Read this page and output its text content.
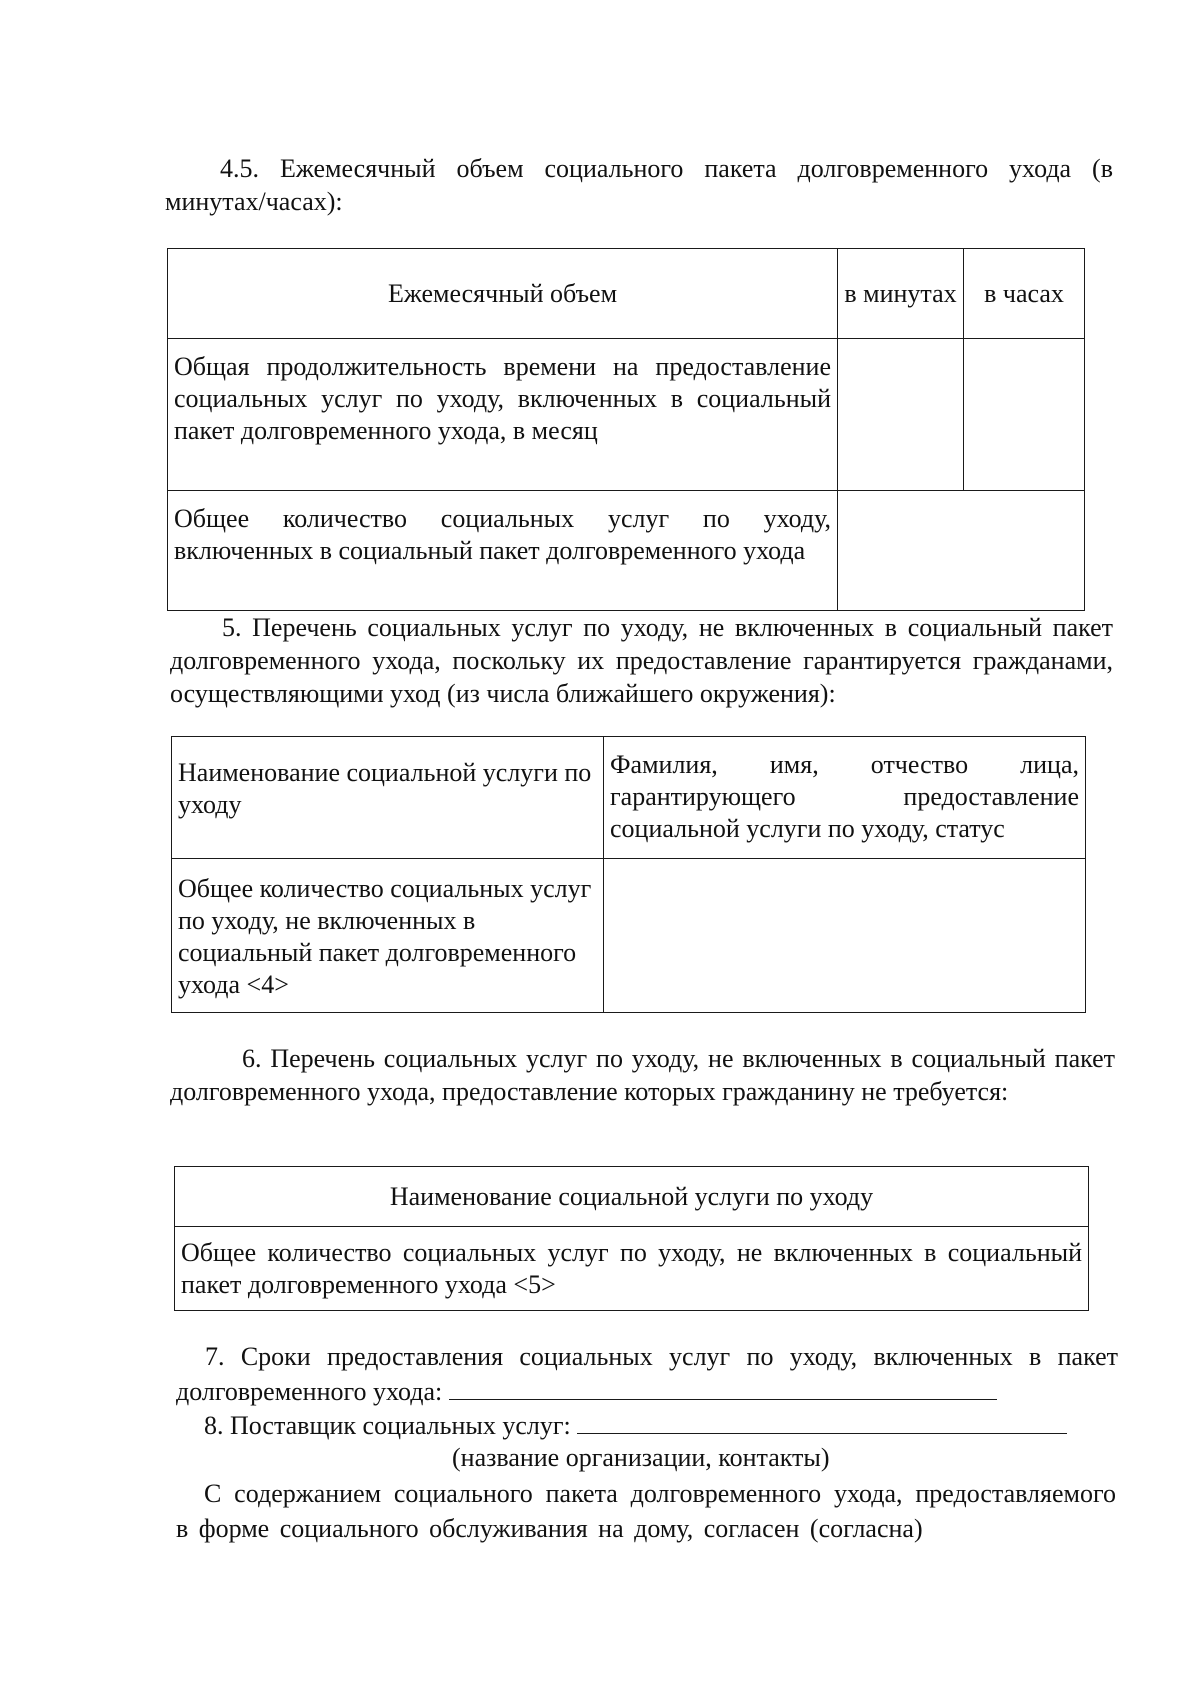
4.5. Ежемесячный объем социального пакета долговременного ухода (в минутах/часах):
Ежемесячный объем	в минутах	в часах
Общая продолжительность времени на предоставление социальных услуг по уходу, включенных в социальный пакет долговременного ухода, в месяц		
Общее количество социальных услуг по уходу, включенных в социальный пакет долговременного ухода		
5. Перечень социальных услуг по уходу, не включенных в социальный пакет долговременного ухода, поскольку их предоставление гарантируется гражданами, осуществляющими уход (из числа ближайшего окружения):
Наименование социальной услуги по уходу	Фамилия, имя, отчество лица, гарантирующего предоставление социальной услуги по уходу, статус
Общее количество социальных услуг по уходу, не включенных в социальный пакет долговременного ухода <4>	
6. Перечень социальных услуг по уходу, не включенных в социальный пакет долговременного ухода, предоставление которых гражданину не требуется:
Наименование социальной услуги по уходу
Общее количество социальных услуг по уходу, не включенных в социальный пакет долговременного ухода <5>
7. Сроки предоставления социальных услуг по уходу, включенных в пакет
долговременного ухода:
8. Поставщик социальных услуг:
(название организации, контакты)
С содержанием социального пакета долговременного ухода, предоставляемого в форме социального обслуживания на дому, согласен (согласна)
